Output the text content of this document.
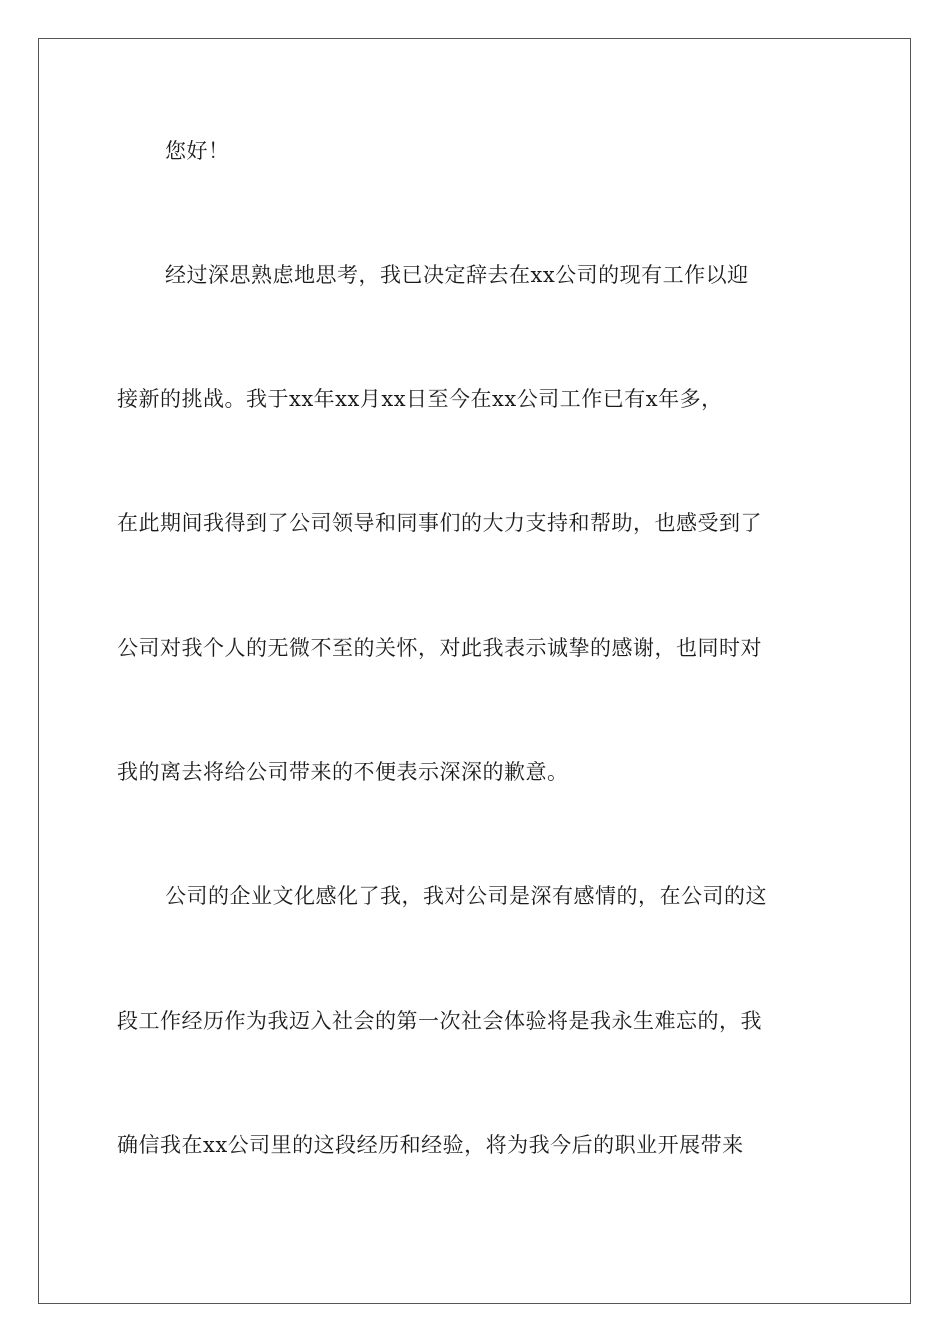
您好！
经过深思熟虑地思考，我已决定辞去在xx公司的现有工作以迎
接新的挑战。我于xx年xx月xx日至今在xx公司工作已有x年多，
在此期间我得到了公司领导和同事们的大力支持和帮助，也感受到了
公司对我个人的无微不至的关怀，对此我表示诚挚的感谢，也同时对
我的离去将给公司带来的不便表示深深的歉意。
公司的企业文化感化了我，我对公司是深有感情的，在公司的这
段工作经历作为我迈入社会的第一次社会体验将是我永生难忘的，我
确信我在xx公司里的这段经历和经验，将为我今后的职业开展带来
